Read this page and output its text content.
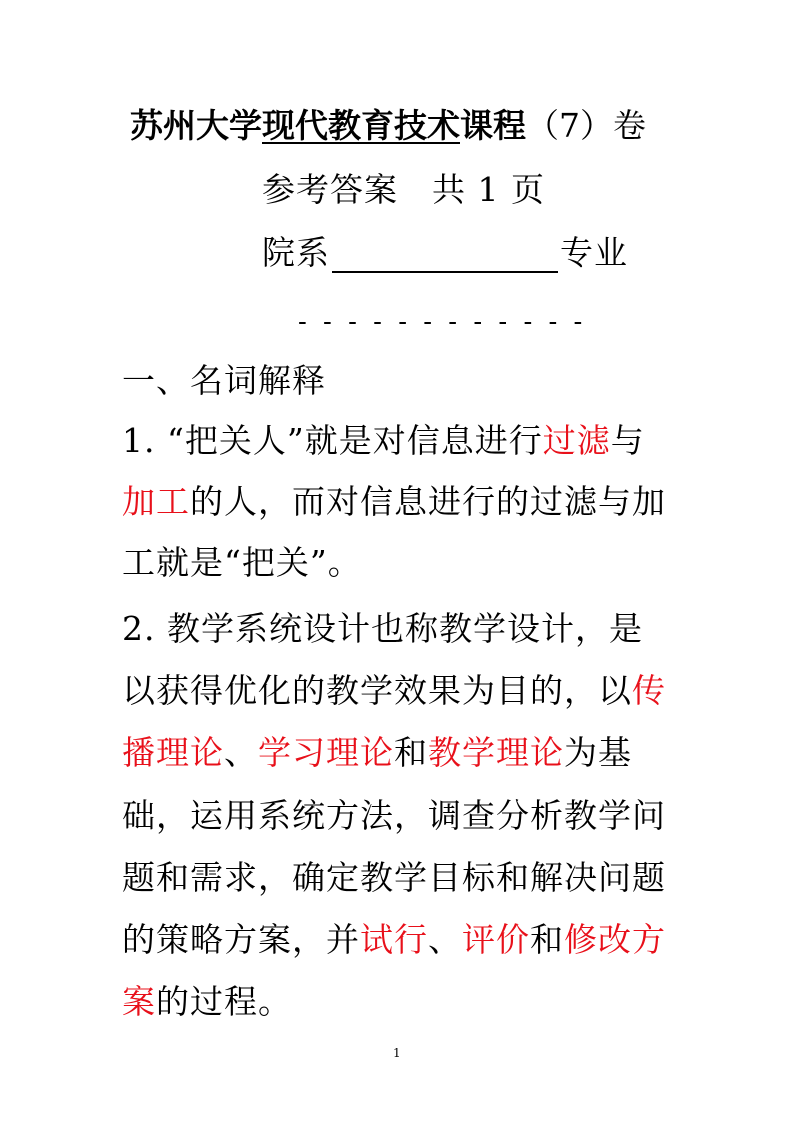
苏州大学现代教育技术课程（7）卷
参考答案　共 1 页
院系	专业
- - - - - - - - - - - -
一、名词解释
1. “把关人”就是对信息进行过滤与
加工的人，而对信息进行的过滤与加
工就是“把关”。
2. 教学系统设计也称教学设计，是
以获得优化的教学效果为目的，以传
播理论、学习理论和教学理论为基
础，运用系统方法，调查分析教学问
题和需求，确定教学目标和解决问题
的策略方案，并试行、评价和修改方
案的过程。
1
